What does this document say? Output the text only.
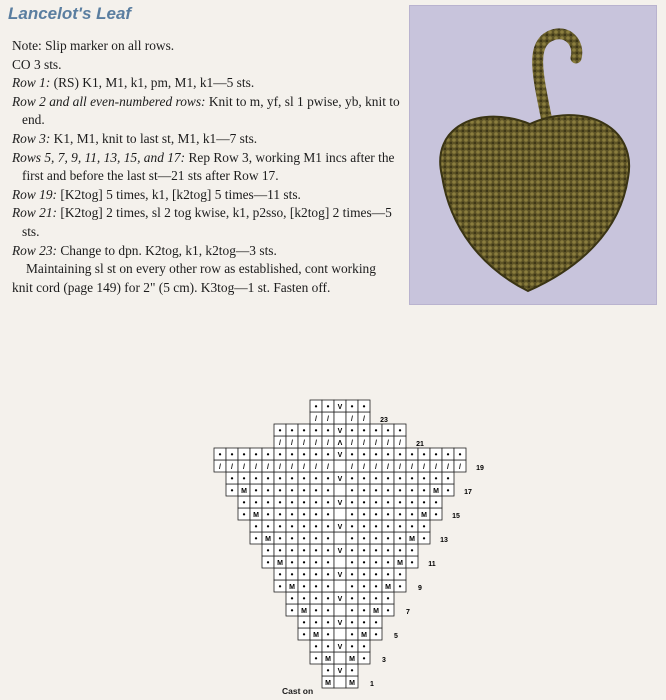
Lancelot's Leaf

Note: Slip marker on all rows.

CO 3 sts.

Row 1: (RS) K1, M1, k1, pm, M1, k1—5 sts.

Row 2 and all even-numbered rows: Knit to m, yf, sl 1 pwise, yb, knit to end.

Row 3: K1, M1, knit to last st, M1, k1—7 sts.

Rows 5, 7, 9, 11, 13, 15, and 17: Rep Row 3, working M1 incs after the first and before the last st—21 sts after Row 17.

Row 19: [K2tog] 5 times, k1, [k2tog] 5 times—11 sts.

Row 21: [K2tog] 2 times, sl 2 tog kwise, k1, p2sso, [k2tog] 2 times—5 sts.

Row 23: Change to dpn. K2tog, k1, k2tog—3 sts.

Maintaining sl st on every other row as established, cont working knit cord (page 149) for 2" (5 cm). K3tog—1 st. Fasten off.

M	M 1
• V •
• M	M • 3
• • V • •
• M •	• M • 5
• • • V • • •
• M • •	• • M • 7
• • • • V • • • •
• M • • •	• • • M • 9
• • • • • V • • • • •
• M • • • •	• • • • M • 11
• • • • • • V • • • • • •
• M • • • • •	• • • • • M • 13
• • • • • • • V • • • • • • •
• M • • • • • •	• • • • • • M • 15
• • • • • • • • V • • • • • • • •
• M • • • • • • •	• • • • • • • M • 17
• • • • • • • • • V • • • • • • • • •
/ / / / / / / / / /	/ / / / / / / / / / 19
• • • • • • • • • • V • • • • • • • • • •
/ / / / / Λ / / / / / 21
• • • • • V • • • • •
/ /	/ / 23
• • V • •
Cast on
